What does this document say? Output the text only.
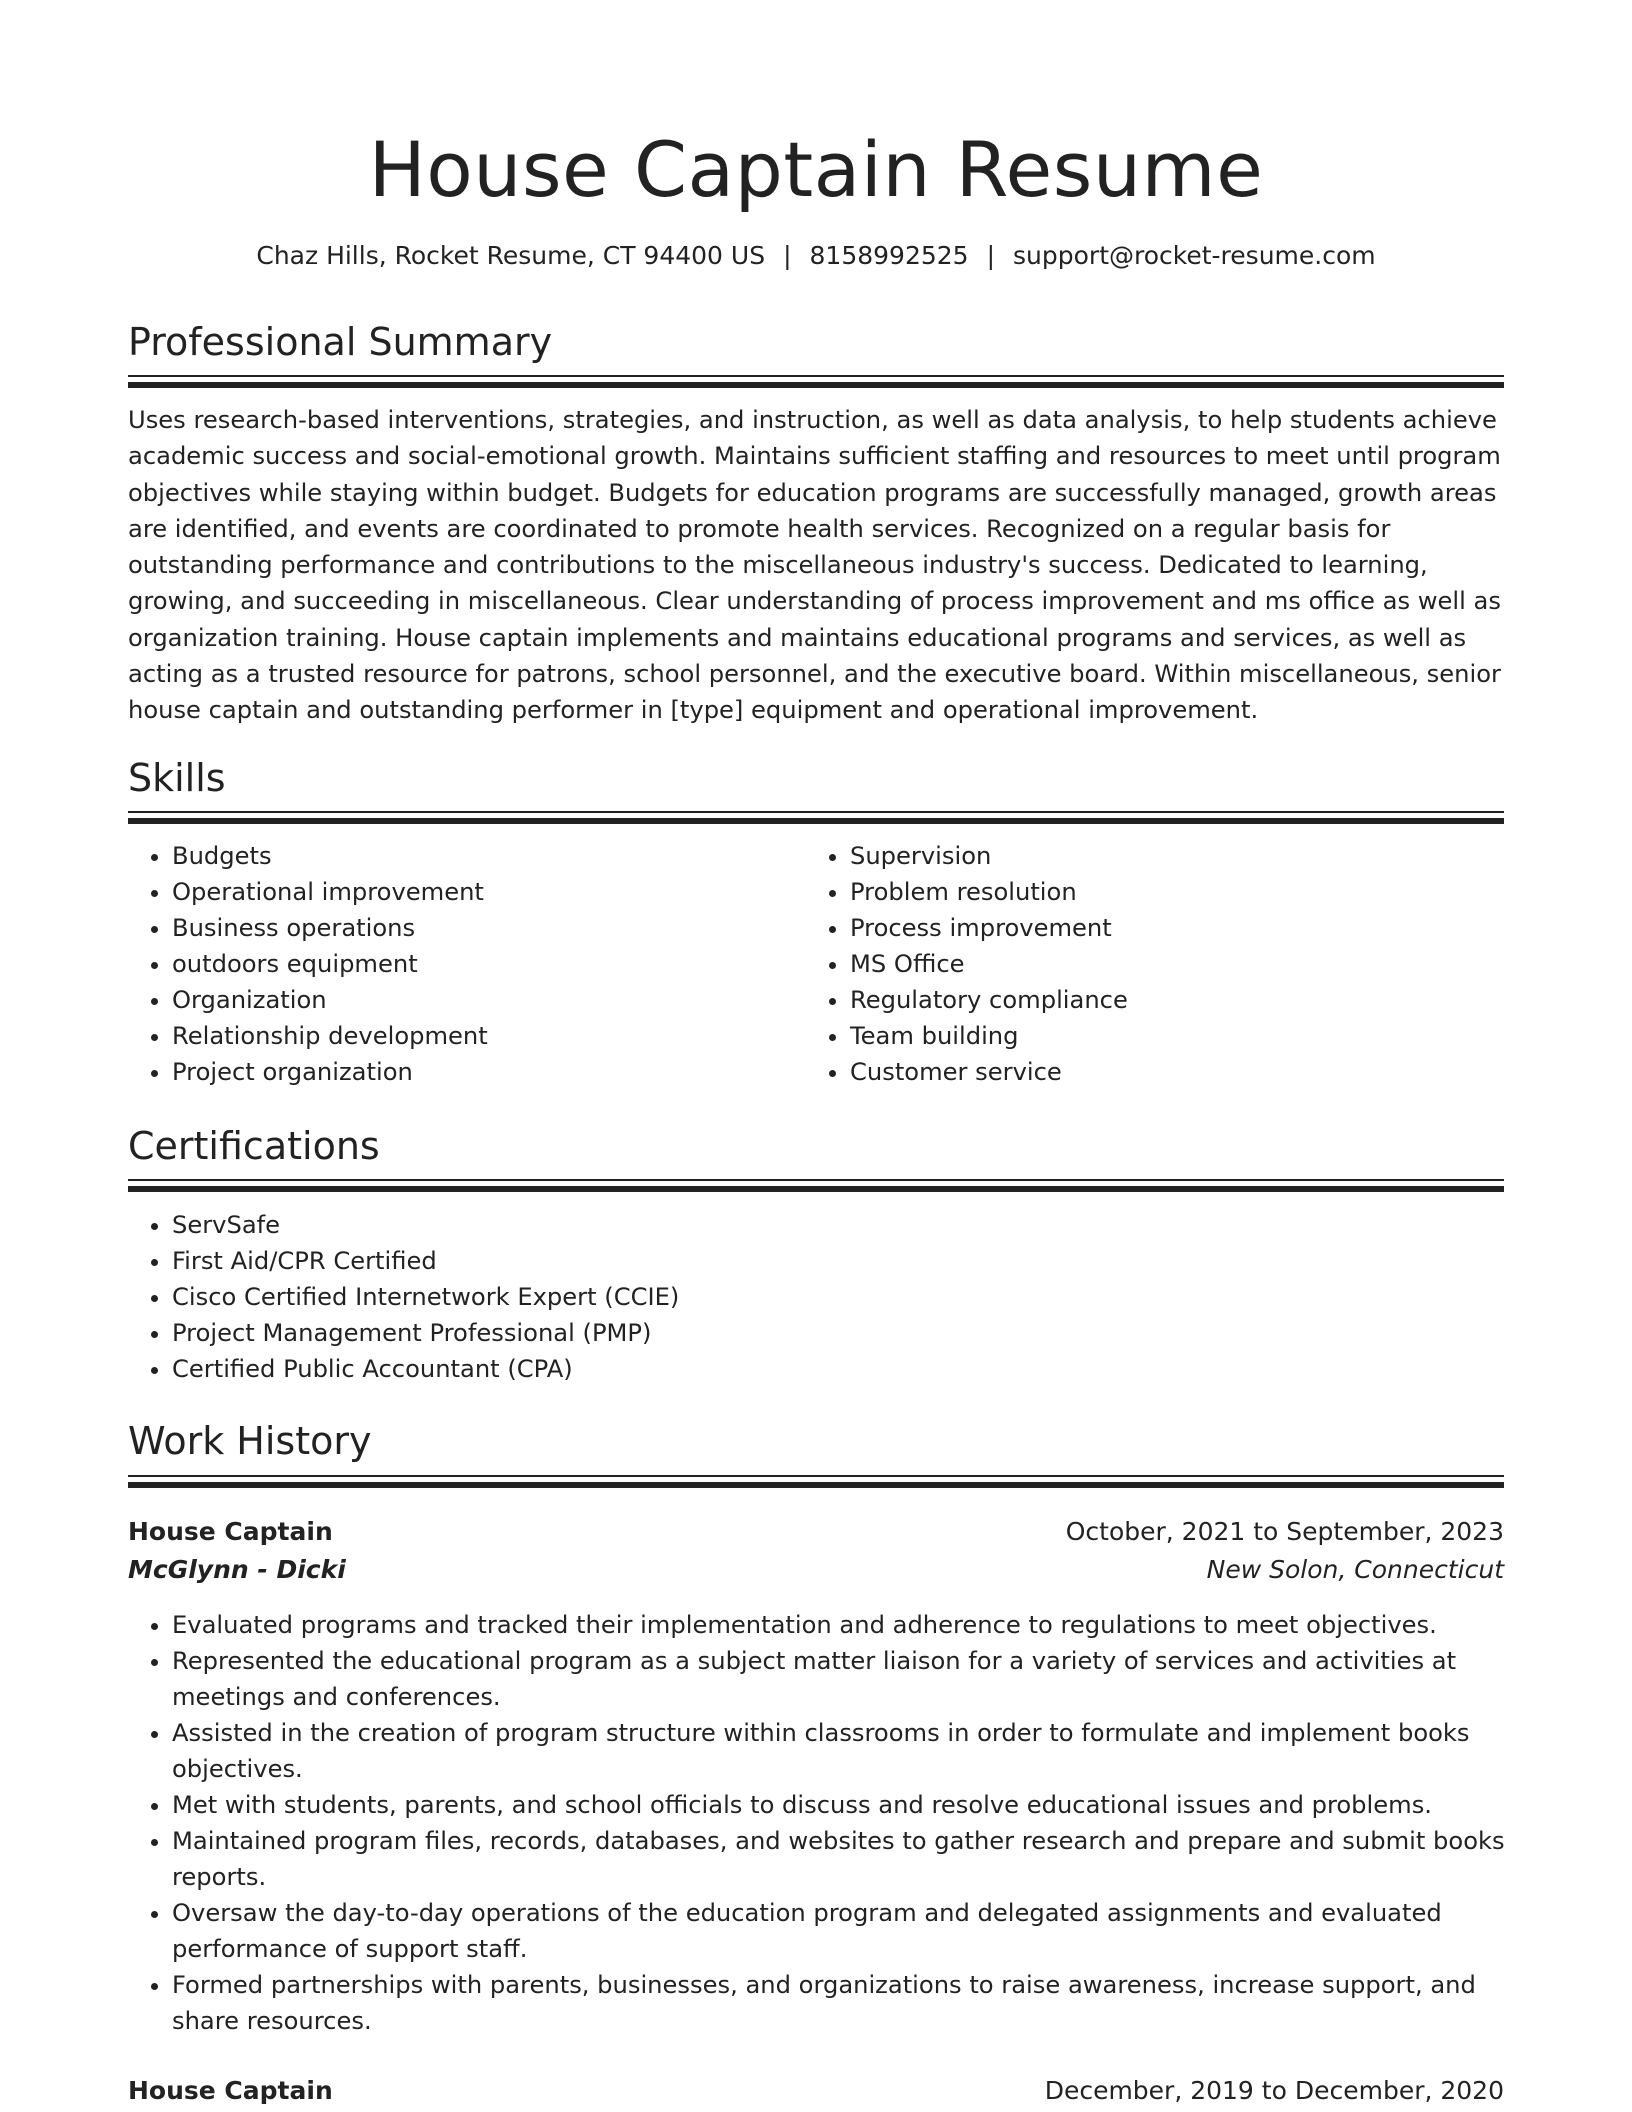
House Captain Resume
Chaz Hills, Rocket Resume, CT 94400 US | 8158992525 | support@rocket-resume.com
Professional Summary

Uses research-based interventions, strategies, and instruction, as well as data analysis, to help students achieve academic success and social-emotional growth. Maintains sufficient staffing and resources to meet until program objectives while staying within budget. Budgets for education programs are successfully managed, growth areas are identified, and events are coordinated to promote health services. Recognized on a regular basis for outstanding performance and contributions to the miscellaneous industry's success. Dedicated to learning, growing, and succeeding in miscellaneous. Clear understanding of process improvement and ms office as well as organization training. House captain implements and maintains educational programs and services, as well as acting as a trusted resource for patrons, school personnel, and the executive board. Within miscellaneous, senior house captain and outstanding performer in [type] equipment and operational improvement.

Skills
• Budgets
• Operational improvement
• Business operations
• outdoors equipment
• Organization
• Relationship development
• Project organization
• Supervision
• Problem resolution
• Process improvement
• MS Office
• Regulatory compliance
• Team building
• Customer service
Certifications
• ServSafe
• First Aid/CPR Certified
• Cisco Certified Internetwork Expert (CCIE)
• Project Management Professional (PMP)
• Certified Public Accountant (CPA)
Work History
House Captain	October, 2021 to September, 2023
McGlynn - Dicki	New Solon, Connecticut
• Evaluated programs and tracked their implementation and adherence to regulations to meet objectives.
• Represented the educational program as a subject matter liaison for a variety of services and activities at meetings and conferences.
• Assisted in the creation of program structure within classrooms in order to formulate and implement books objectives.
• Met with students, parents, and school officials to discuss and resolve educational issues and problems.
• Maintained program files, records, databases, and websites to gather research and prepare and submit books reports.
• Oversaw the day-to-day operations of the education program and delegated assignments and evaluated performance of support staff.
• Formed partnerships with parents, businesses, and organizations to raise awareness, increase support, and share resources.
House Captain	December, 2019 to December, 2020
